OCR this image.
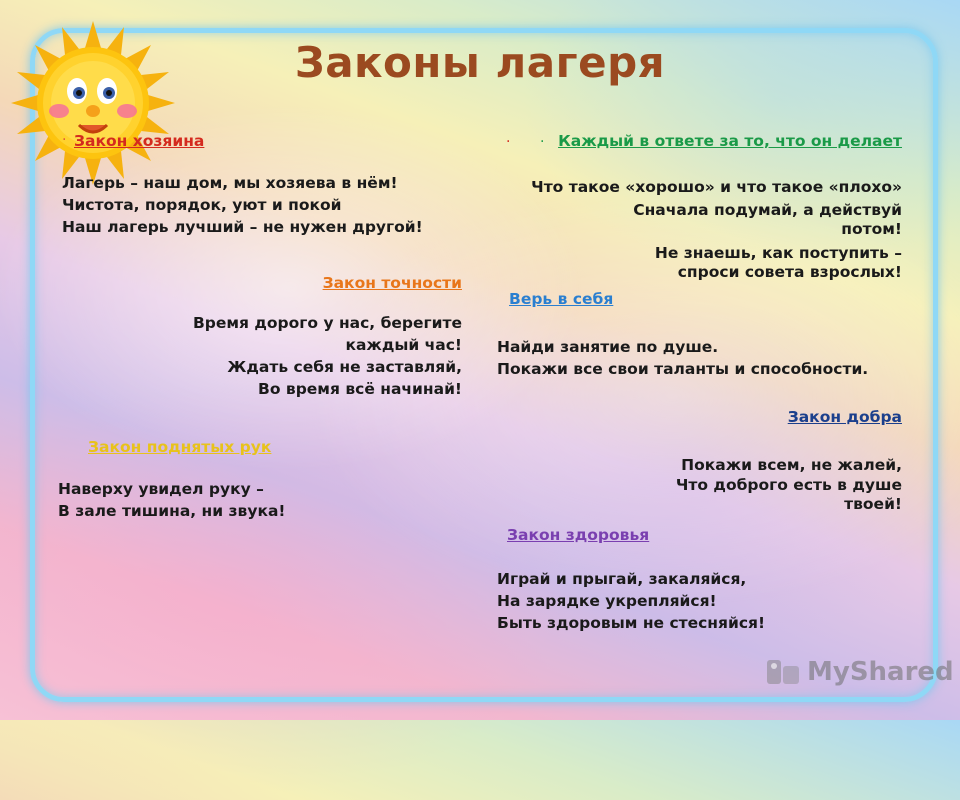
Законы лагеря
· Закон хозяина
Лагерь – наш дом, мы хозяева в нём!
Чистота, порядок, уют и покой
Наш лагерь лучший – не нужен другой!
Закон точности
Время дорого у нас, берегите каждый час!
Ждать себя не заставляй,
Во время всё начинай!
Закон поднятых рук
Наверху увидел руку –
В зале тишина, ни звука!
· · Каждый в ответе за то, что он делает
Что такое «хорошо» и что такое «плохо»
Сначала подумай, а действуй потом!
Не знаешь, как поступить – спроси совета взрослых!
Верь в себя
Найди занятие по душе.
Покажи все свои таланты и способности.
Закон добра
Покажи всем, не жалей,
Что доброго есть в душе твоей!
Закон здоровья
Играй и прыгай, закаляйся,
На зарядке укрепляйся!
Быть здоровым не стесняйся!
MyShared
